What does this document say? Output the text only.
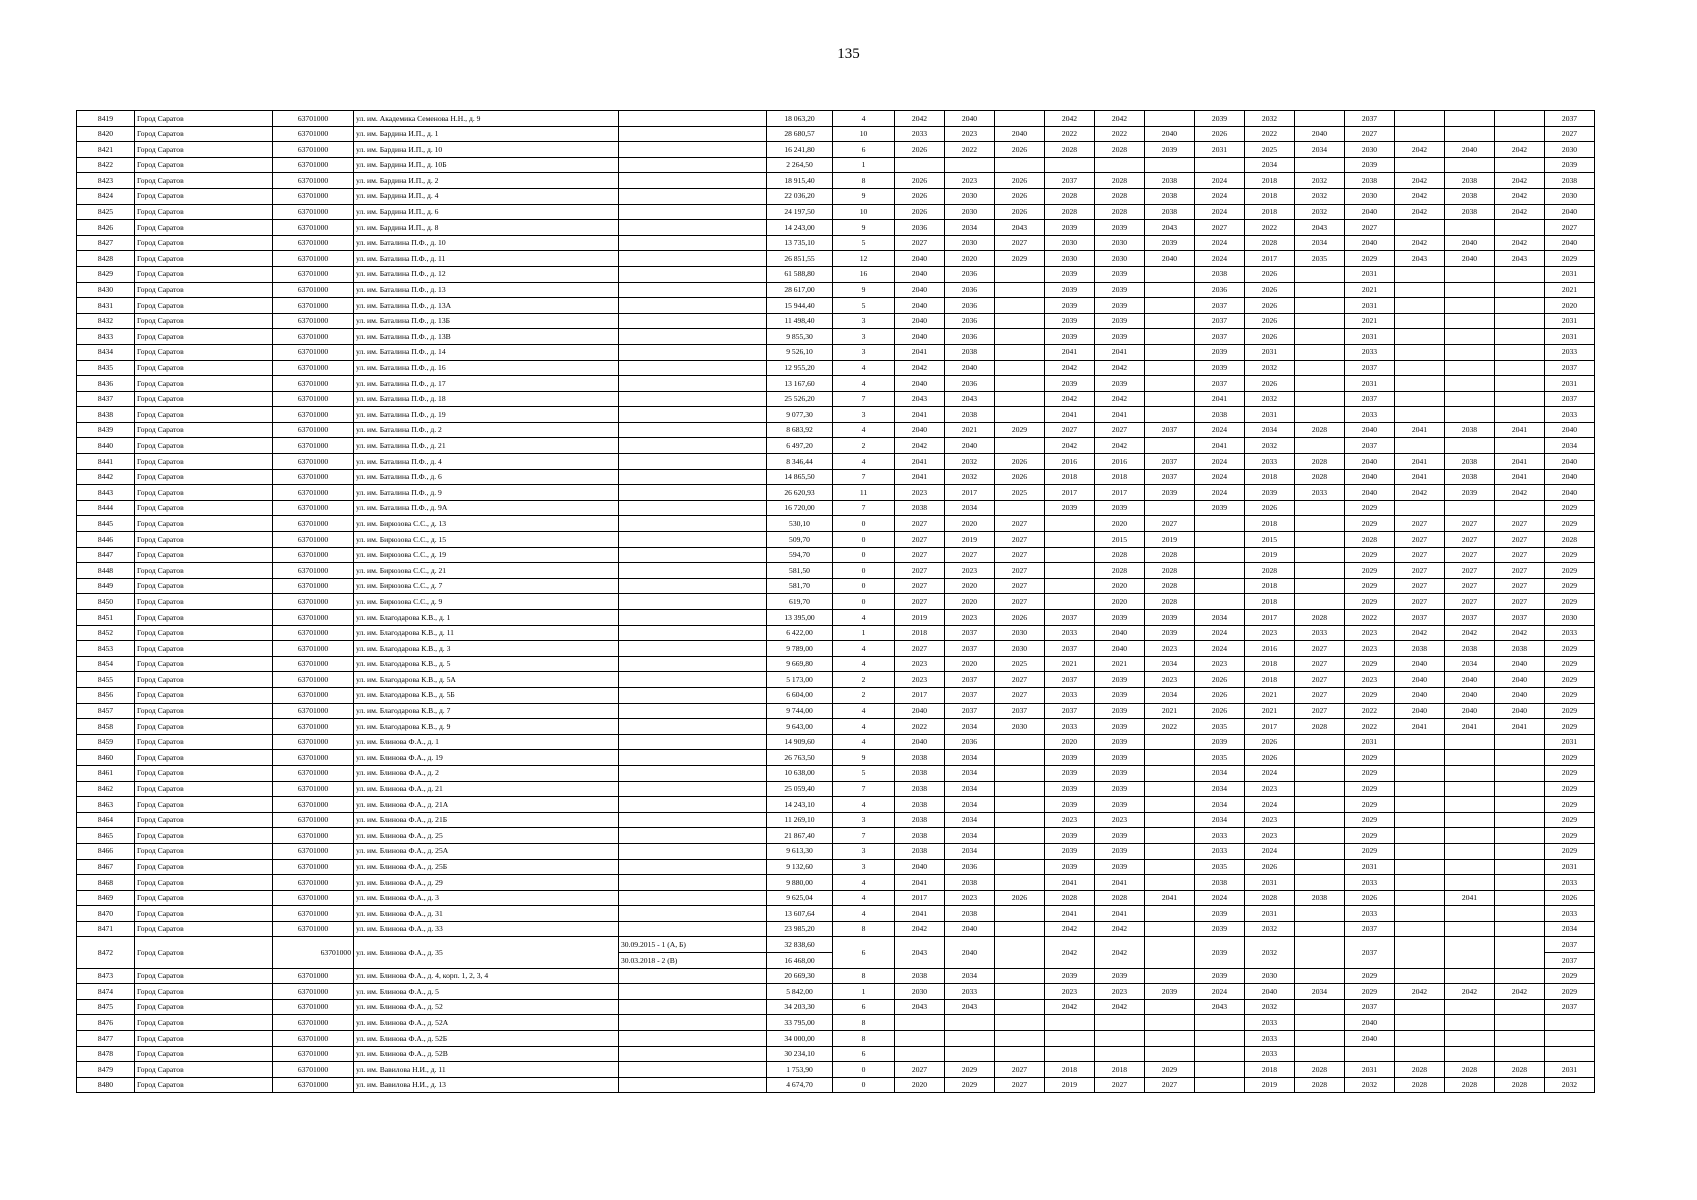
135
8419	Город Саратов	63701000	ул. им. Академика Семенова Н.Н., д. 9		18 063,20	4	2042	2040		2042	2042		2039	2032		2037				2037
8420	Город Саратов	63701000	ул. им. Бардина И.П., д. 1		28 680,57	10	2033	2023	2040	2022	2022	2040	2026	2022	2040	2027				2027
8421	Город Саратов	63701000	ул. им. Бардина И.П., д. 10		16 241,80	6	2026	2022	2026	2028	2028	2039	2031	2025	2034	2030	2042	2040	2042	2030
8422	Город Саратов	63701000	ул. им. Бардина И.П., д. 10Б		2 264,50	1								2034		2039				2039
8423	Город Саратов	63701000	ул. им. Бардина И.П., д. 2		18 915,40	8	2026	2023	2026	2037	2028	2038	2024	2018	2032	2038	2042	2038	2042	2038
8424	Город Саратов	63701000	ул. им. Бардина И.П., д. 4		22 036,20	9	2026	2030	2026	2028	2028	2038	2024	2018	2032	2030	2042	2038	2042	2030
8425	Город Саратов	63701000	ул. им. Бардина И.П., д. 6		24 197,50	10	2026	2030	2026	2028	2028	2038	2024	2018	2032	2040	2042	2038	2042	2040
8426	Город Саратов	63701000	ул. им. Бардина И.П., д. 8		14 243,00	9	2036	2034	2043	2039	2039	2043	2027	2022	2043	2027				2027
8427	Город Саратов	63701000	ул. им. Баталина П.Ф., д. 10		13 735,10	5	2027	2030	2027	2030	2030	2039	2024	2028	2034	2040	2042	2040	2042	2040
8428	Город Саратов	63701000	ул. им. Баталина П.Ф., д. 11		26 851,55	12	2040	2020	2029	2030	2030	2040	2024	2017	2035	2029	2043	2040	2043	2029
8429	Город Саратов	63701000	ул. им. Баталина П.Ф., д. 12		61 588,80	16	2040	2036		2039	2039		2038	2026		2031				2031
8430	Город Саратов	63701000	ул. им. Баталина П.Ф., д. 13		28 617,00	9	2040	2036		2039	2039		2036	2026		2021				2021
8431	Город Саратов	63701000	ул. им. Баталина П.Ф., д. 13А		15 944,40	5	2040	2036		2039	2039		2037	2026		2031				2020
8432	Город Саратов	63701000	ул. им. Баталина П.Ф., д. 13Б		11 498,40	3	2040	2036		2039	2039		2037	2026		2021				2031
8433	Город Саратов	63701000	ул. им. Баталина П.Ф., д. 13В		9 855,30	3	2040	2036		2039	2039		2037	2026		2031				2031
8434	Город Саратов	63701000	ул. им. Баталина П.Ф., д. 14		9 526,10	3	2041	2038		2041	2041		2039	2031		2033				2033
8435	Город Саратов	63701000	ул. им. Баталина П.Ф., д. 16		12 955,20	4	2042	2040		2042	2042		2039	2032		2037				2037
8436	Город Саратов	63701000	ул. им. Баталина П.Ф., д. 17		13 167,60	4	2040	2036		2039	2039		2037	2026		2031				2031
8437	Город Саратов	63701000	ул. им. Баталина П.Ф., д. 18		25 526,20	7	2043	2043		2042	2042		2041	2032		2037				2037
8438	Город Саратов	63701000	ул. им. Баталина П.Ф., д. 19		9 077,30	3	2041	2038		2041	2041		2038	2031		2033				2033
8439	Город Саратов	63701000	ул. им. Баталина П.Ф., д. 2		8 683,92	4	2040	2021	2029	2027	2027	2037	2024	2034	2028	2040	2041	2038	2041	2040
8440	Город Саратов	63701000	ул. им. Баталина П.Ф., д. 21		6 497,20	2	2042	2040		2042	2042		2041	2032		2037				2034
8441	Город Саратов	63701000	ул. им. Баталина П.Ф., д. 4		8 346,44	4	2041	2032	2026	2016	2016	2037	2024	2033	2028	2040	2041	2038	2041	2040
8442	Город Саратов	63701000	ул. им. Баталина П.Ф., д. 6		14 865,50	7	2041	2032	2026	2018	2018	2037	2024	2018	2028	2040	2041	2038	2041	2040
8443	Город Саратов	63701000	ул. им. Баталина П.Ф., д. 9		26 620,93	11	2023	2017	2025	2017	2017	2039	2024	2039	2033	2040	2042	2039	2042	2040
8444	Город Саратов	63701000	ул. им. Баталина П.Ф., д. 9А		16 720,00	7	2038	2034		2039	2039		2039	2026		2029				2029
8445	Город Саратов	63701000	ул. им. Бирюзова С.С., д. 13		530,10	0	2027	2020	2027		2020	2027		2018		2029	2027	2027	2027	2029
8446	Город Саратов	63701000	ул. им. Бирюзова С.С., д. 15		509,70	0	2027	2019	2027		2015	2019		2015		2028	2027	2027	2027	2028
8447	Город Саратов	63701000	ул. им. Бирюзова С.С., д. 19		594,70	0	2027	2027	2027		2028	2028		2019		2029	2027	2027	2027	2029
8448	Город Саратов	63701000	ул. им. Бирюзова С.С., д. 21		581,50	0	2027	2023	2027		2028	2028		2028		2029	2027	2027	2027	2029
8449	Город Саратов	63701000	ул. им. Бирюзова С.С., д. 7		581,70	0	2027	2020	2027		2020	2028		2018		2029	2027	2027	2027	2029
8450	Город Саратов	63701000	ул. им. Бирюзова С.С., д. 9		619,70	0	2027	2020	2027		2020	2028		2018		2029	2027	2027	2027	2029
8451	Город Саратов	63701000	ул. им. Благодарова К.В., д. 1		13 395,00	4	2019	2023	2026	2037	2039	2039	2034	2017	2028	2022	2037	2037	2037	2030
8452	Город Саратов	63701000	ул. им. Благодарова К.В., д. 11		6 422,00	1	2018	2037	2030	2033	2040	2039	2024	2023	2033	2023	2042	2042	2042	2033
8453	Город Саратов	63701000	ул. им. Благодарова К.В., д. 3		9 789,00	4	2027	2037	2030	2037	2040	2023	2024	2016	2027	2023	2038	2038	2038	2029
8454	Город Саратов	63701000	ул. им. Благодарова К.В., д. 5		9 669,80	4	2023	2020	2025	2021	2021	2034	2023	2018	2027	2029	2040	2034	2040	2029
8455	Город Саратов	63701000	ул. им. Благодарова К.В., д. 5А		5 173,00	2	2023	2037	2027	2037	2039	2023	2026	2018	2027	2023	2040	2040	2040	2029
8456	Город Саратов	63701000	ул. им. Благодарова К.В., д. 5Б		6 604,00	2	2017	2037	2027	2033	2039	2034	2026	2021	2027	2029	2040	2040	2040	2029
8457	Город Саратов	63701000	ул. им. Благодарова К.В., д. 7		9 744,00	4	2040	2037	2037	2037	2039	2021	2026	2021	2027	2022	2040	2040	2040	2029
8458	Город Саратов	63701000	ул. им. Благодарова К.В., д. 9		9 643,00	4	2022	2034	2030	2033	2039	2022	2035	2017	2028	2022	2041	2041	2041	2029
8459	Город Саратов	63701000	ул. им. Блинова Ф.А., д. 1		14 909,60	4	2040	2036		2020	2039		2039	2026		2031				2031
8460	Город Саратов	63701000	ул. им. Блинова Ф.А., д. 19		26 763,50	9	2038	2034		2039	2039		2035	2026		2029				2029
8461	Город Саратов	63701000	ул. им. Блинова Ф.А., д. 2		10 638,00	5	2038	2034		2039	2039		2034	2024		2029				2029
8462	Город Саратов	63701000	ул. им. Блинова Ф.А., д. 21		25 059,40	7	2038	2034		2039	2039		2034	2023		2029				2029
8463	Город Саратов	63701000	ул. им. Блинова Ф.А., д. 21А		14 243,10	4	2038	2034		2039	2039		2034	2024		2029				2029
8464	Город Саратов	63701000	ул. им. Блинова Ф.А., д. 21Б		11 269,10	3	2038	2034		2023	2023		2034	2023		2029				2029
8465	Город Саратов	63701000	ул. им. Блинова Ф.А., д. 25		21 867,40	7	2038	2034		2039	2039		2033	2023		2029				2029
8466	Город Саратов	63701000	ул. им. Блинова Ф.А., д. 25А		9 613,30	3	2038	2034		2039	2039		2033	2024		2029				2029
8467	Город Саратов	63701000	ул. им. Блинова Ф.А., д. 25Б		9 132,60	3	2040	2036		2039	2039		2035	2026		2031				2031
8468	Город Саратов	63701000	ул. им. Блинова Ф.А., д. 29		9 880,00	4	2041	2038		2041	2041		2038	2031		2033				2033
8469	Город Саратов	63701000	ул. им. Блинова Ф.А., д. 3		9 625,04	4	2017	2023	2026	2028	2028	2041	2024	2028	2038	2026		2041		2026
8470	Город Саратов	63701000	ул. им. Блинова Ф.А., д. 31		13 607,64	4	2041	2038		2041	2041		2039	2031		2033				2033
8471	Город Саратов	63701000	ул. им. Блинова Ф.А., д. 33		23 985,20	8	2042	2040		2042	2042		2039	2032		2037				2034
8472	Город Саратов	63701000	ул. им. Блинова Ф.А., д. 35	30.09.2015 - 1 (А, Б)	32 838,60	6	2043	2040		2042	2042		2039	2032		2037				2037
				30.03.2018 - 2 (В)	16 468,00															2037
8473	Город Саратов	63701000	ул. им. Блинова Ф.А., д. 4, корп. 1, 2, 3, 4		20 669,30	8	2038	2034		2039	2039		2039	2030		2029				2029
8474	Город Саратов	63701000	ул. им. Блинова Ф.А., д. 5		5 842,00	1	2030	2033		2023	2023	2039	2024	2040	2034	2029	2042	2042	2042	2029
8475	Город Саратов	63701000	ул. им. Блинова Ф.А., д. 52		34 203,30	6	2043	2043		2042	2042		2043	2032		2037				2037
8476	Город Саратов	63701000	ул. им. Блинова Ф.А., д. 52А		33 795,00	8								2033		2040				
8477	Город Саратов	63701000	ул. им. Блинова Ф.А., д. 52Б		34 000,00	8								2033		2040				
8478	Город Саратов	63701000	ул. им. Блинова Ф.А., д. 52В		30 234,10	6								2033						
8479	Город Саратов	63701000	ул. им. Вавилова Н.И., д. 11		1 753,90	0	2027	2029	2027	2018	2018	2029		2018	2028	2031	2028	2028	2028	2031
8480	Город Саратов	63701000	ул. им. Вавилова Н.И., д. 13		4 674,70	0	2020	2029	2027	2019	2027	2027		2019	2028	2032	2028	2028	2028	2032
